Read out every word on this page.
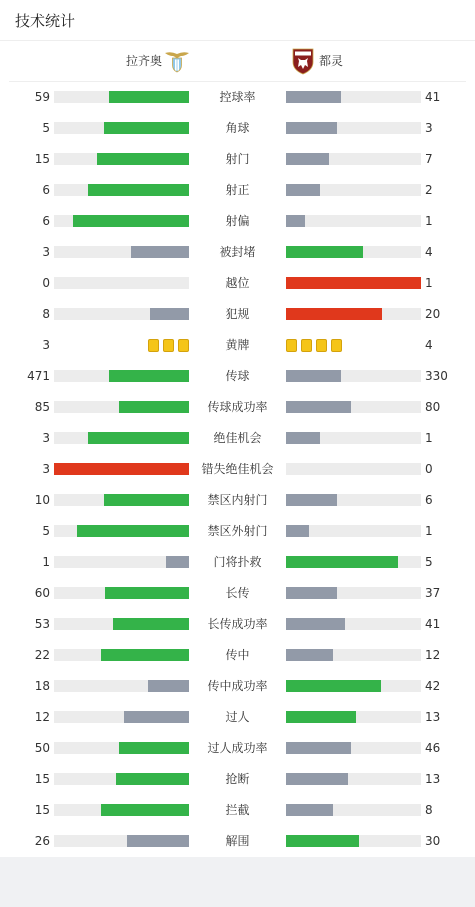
技术统计
拉齐奥	都灵
59	控球率	41
5	角球	3
15	射门	7
6	射正	2
6	射偏	1
3	被封堵	4
0	越位	1
8	犯规	20
3	黄牌	4
471	传球	330
85	传球成功率	80
3	绝佳机会	1
3	错失绝佳机会	0
10	禁区内射门	6
5	禁区外射门	1
1	门将扑救	5
60	长传	37
53	长传成功率	41
22	传中	12
18	传中成功率	42
12	过人	13
50	过人成功率	46
15	抢断	13
15	拦截	8
26	解围	30
